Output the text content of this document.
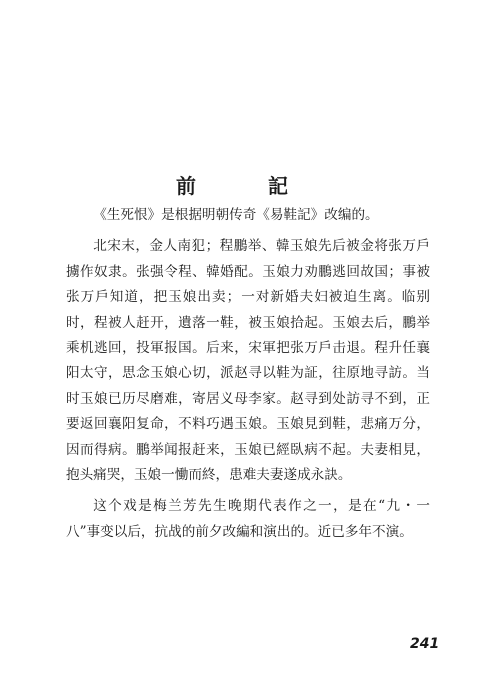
前　記

《生死恨》是根据明朝传奇《易鞋記》改编的。

北宋末，金人南犯；程鵬举、韓玉娘先后被金将张万戶擄作奴隶。张强令程、韓婚配。玉娘力劝鵬逃回故国；事被张万戶知道，把玉娘出卖；一对新婚夫妇被迫生离。临别时，程被人赶开，遺落一鞋，被玉娘拾起。玉娘去后，鵬举乘机逃回，投軍报国。后来，宋軍把张万戶击退。程升任襄阳太守，思念玉娘心切，派赵寻以鞋为証，往原地寻訪。当时玉娘已历尽磨难，寄居义母李家。赵寻到处訪寻不到，正要返回襄阳复命，不料巧遇玉娘。玉娘見到鞋，悲痛万分，因而得病。鵬举闻报赶来，玉娘已經臥病不起。夫妻相見，抱头痛哭，玉娘一慟而終，患难夫妻遂成永訣。

这个戏是梅兰芳先生晚期代表作之一，是在“九・一八”事变以后，抗战的前夕改編和演出的。近已多年不演。

241
